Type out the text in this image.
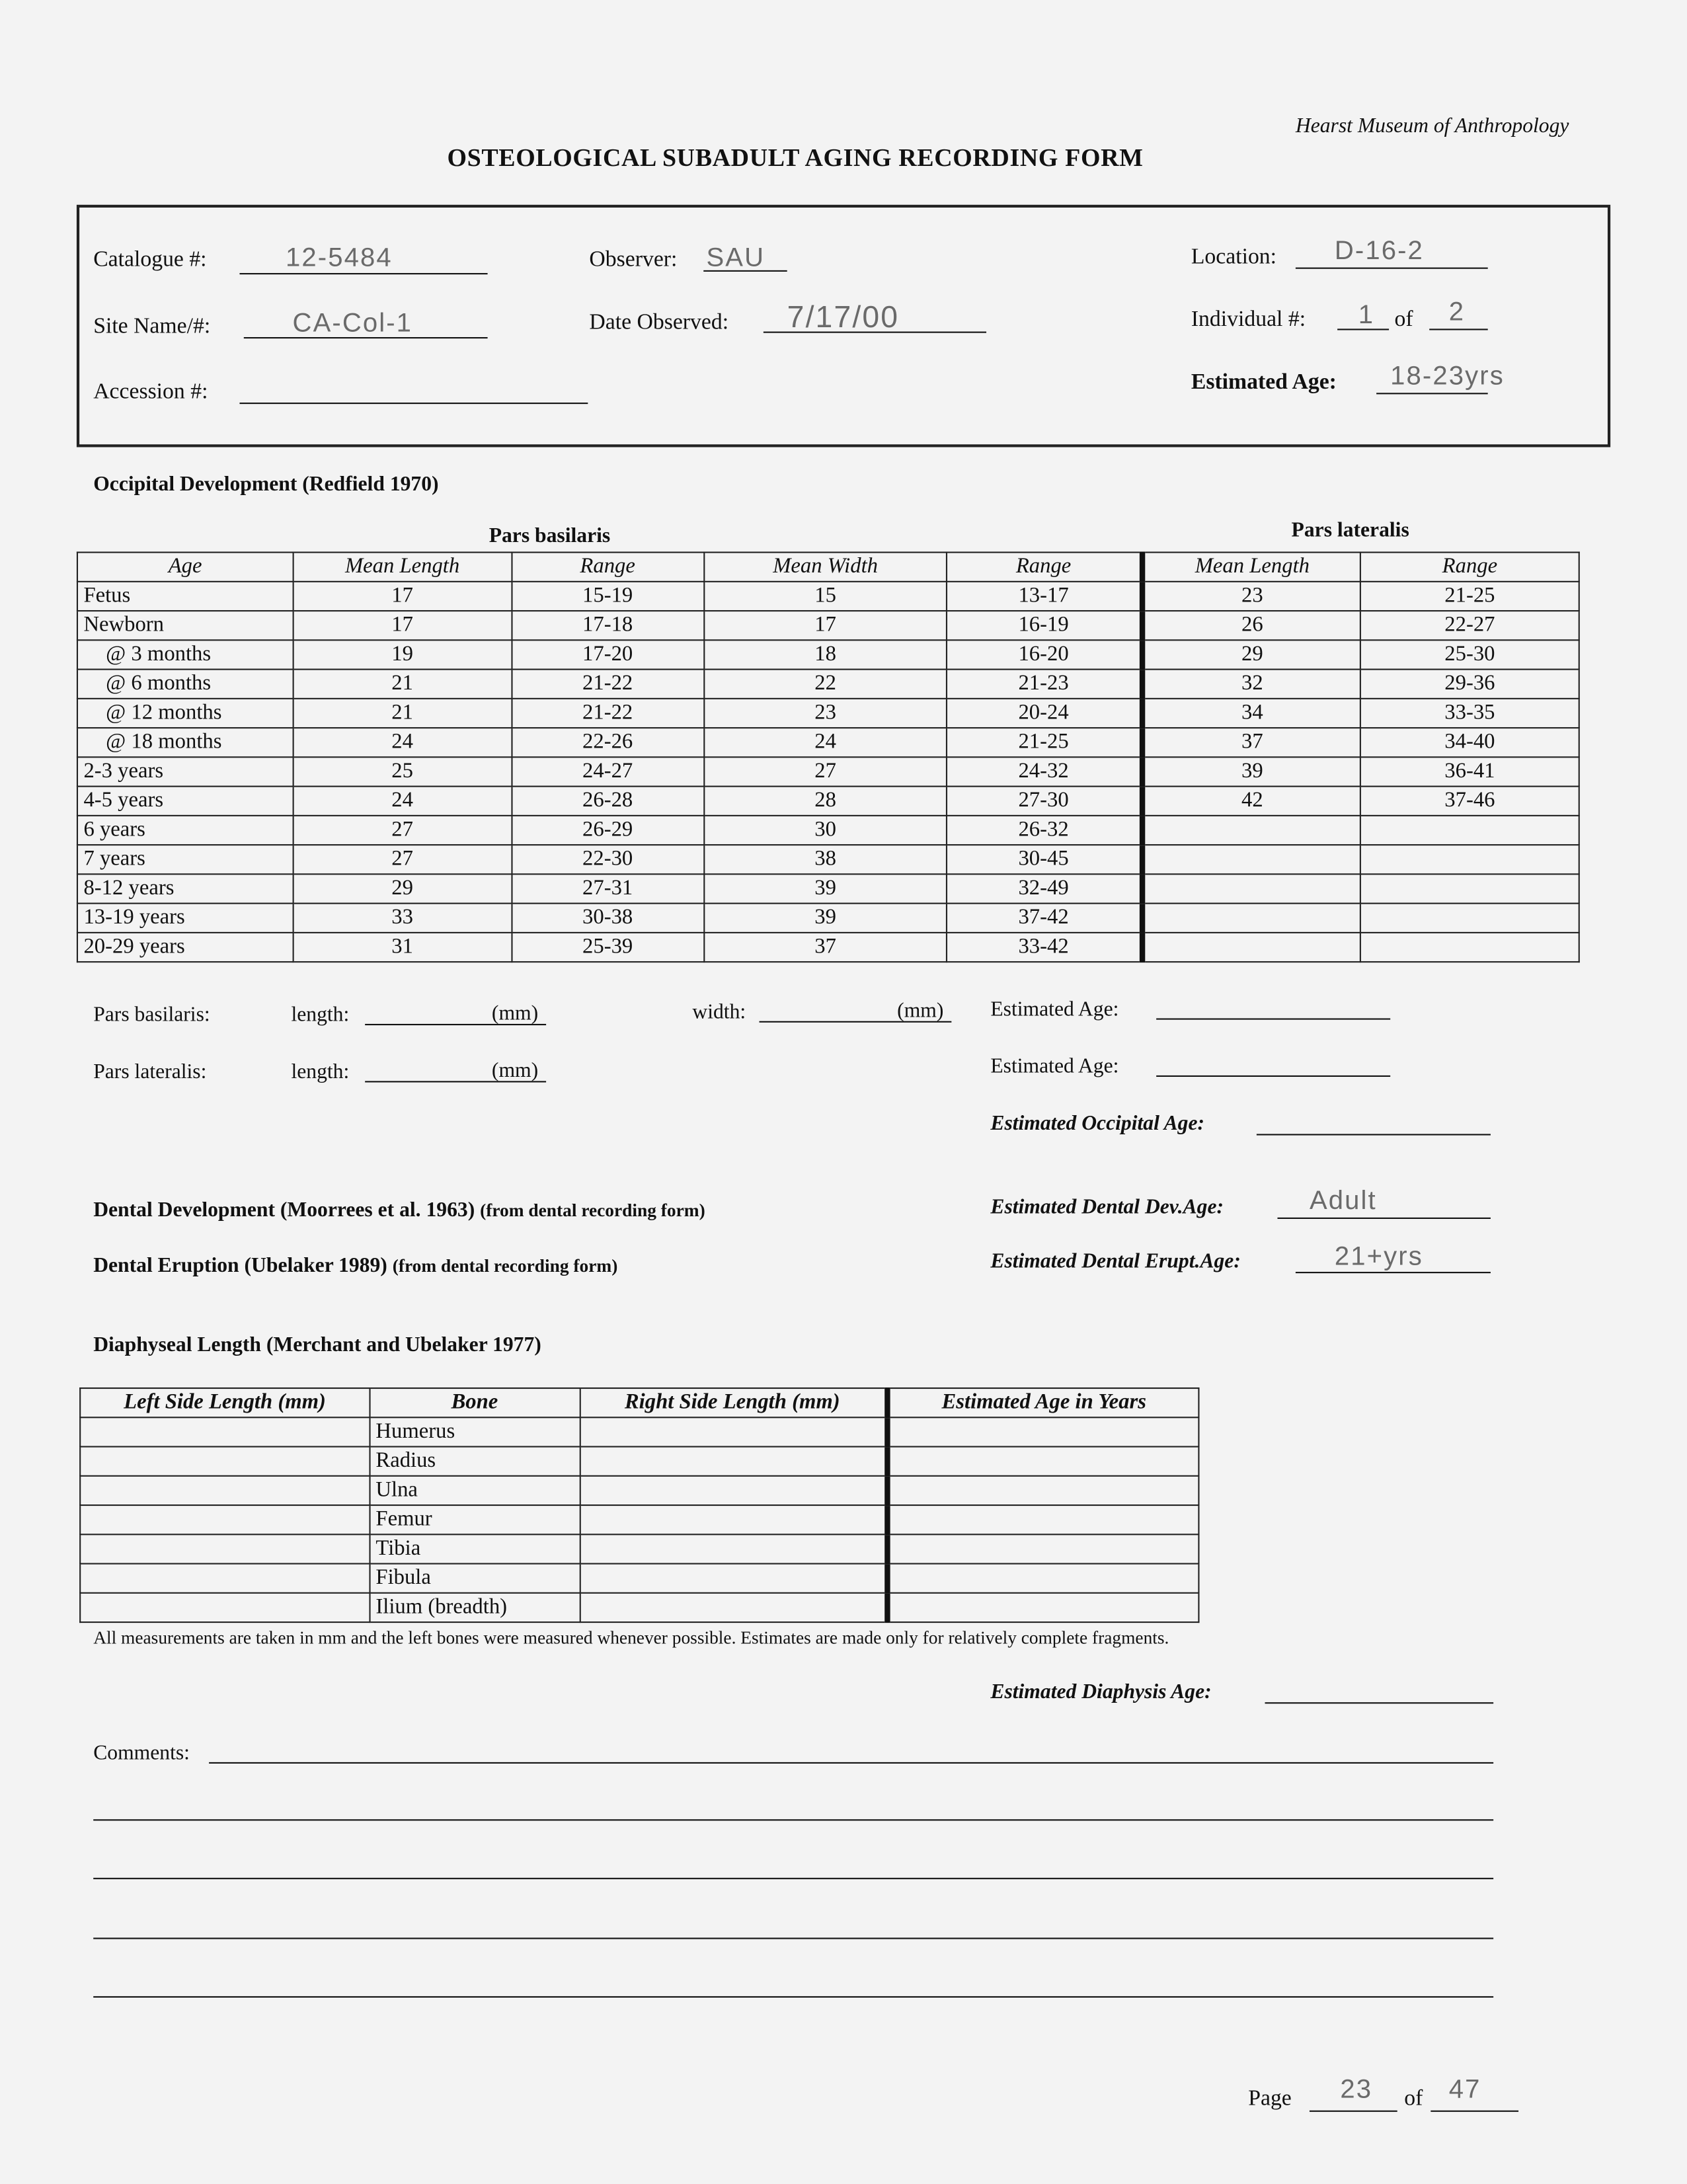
Hearst Museum of Anthropology
OSTEOLOGICAL SUBADULT AGING RECORDING FORM
Catalogue #:	12-5484	Observer: SAU	Location:	D-16-2
Site Name/#:	CA-Col-1	Date Observed:	7/17/00	Individual #:	1 of	2
Accession #:	Estimated Age:	18-23yrs
Occipital Development (Redfield 1970)
Pars basilaris	Pars lateralis
Age	Mean Length	Range	Mean Width	Range	Mean Length	Range
Fetus	17	15-19	15	13-17	23	21-25
Newborn	17	17-18	17	16-19	26	22-27
@ 3 months	19	17-20	18	16-20	29	25-30
@ 6 months	21	21-22	22	21-23	32	29-36
@ 12 months	21	21-22	23	20-24	34	33-35
@ 18 months	24	22-26	24	21-25	37	34-40
2-3 years	25	24-27	27	24-32	39	36-41
4-5 years	24	26-28	28	27-30	42	37-46
6 years	27	26-29	30	26-32		
7 years	27	22-30	38	30-45		
8-12 years	29	27-31	39	32-49		
13-19 years	33	30-38	39	37-42		
20-29 years	31	25-39	37	33-42		
Pars basilaris:	length:	(mm)	width:	(mm)	Estimated Age:
Pars lateralis:	length:	(mm)	Estimated Age:
Estimated Occipital Age:
Dental Development (Moorrees et al. 1963) (from dental recording form)
Dental Eruption (Ubelaker 1989) (from dental recording form)
Estimated Dental Dev.Age:	Adult
Estimated Dental Erupt.Age:	21+yrs
Diaphyseal Length (Merchant and Ubelaker 1977)
Left Side Length (mm)	Bone	Right Side Length (mm)	Estimated Age in Years
	Humerus		
	Radius		
	Ulna		
	Femur		
	Tibia		
	Fibula		
	Ilium (breadth)		
All measurements are taken in mm and the left bones were measured whenever possible. Estimates are made only for relatively complete fragments.
Estimated Diaphysis Age:
Comments:
Page	23	of 47
